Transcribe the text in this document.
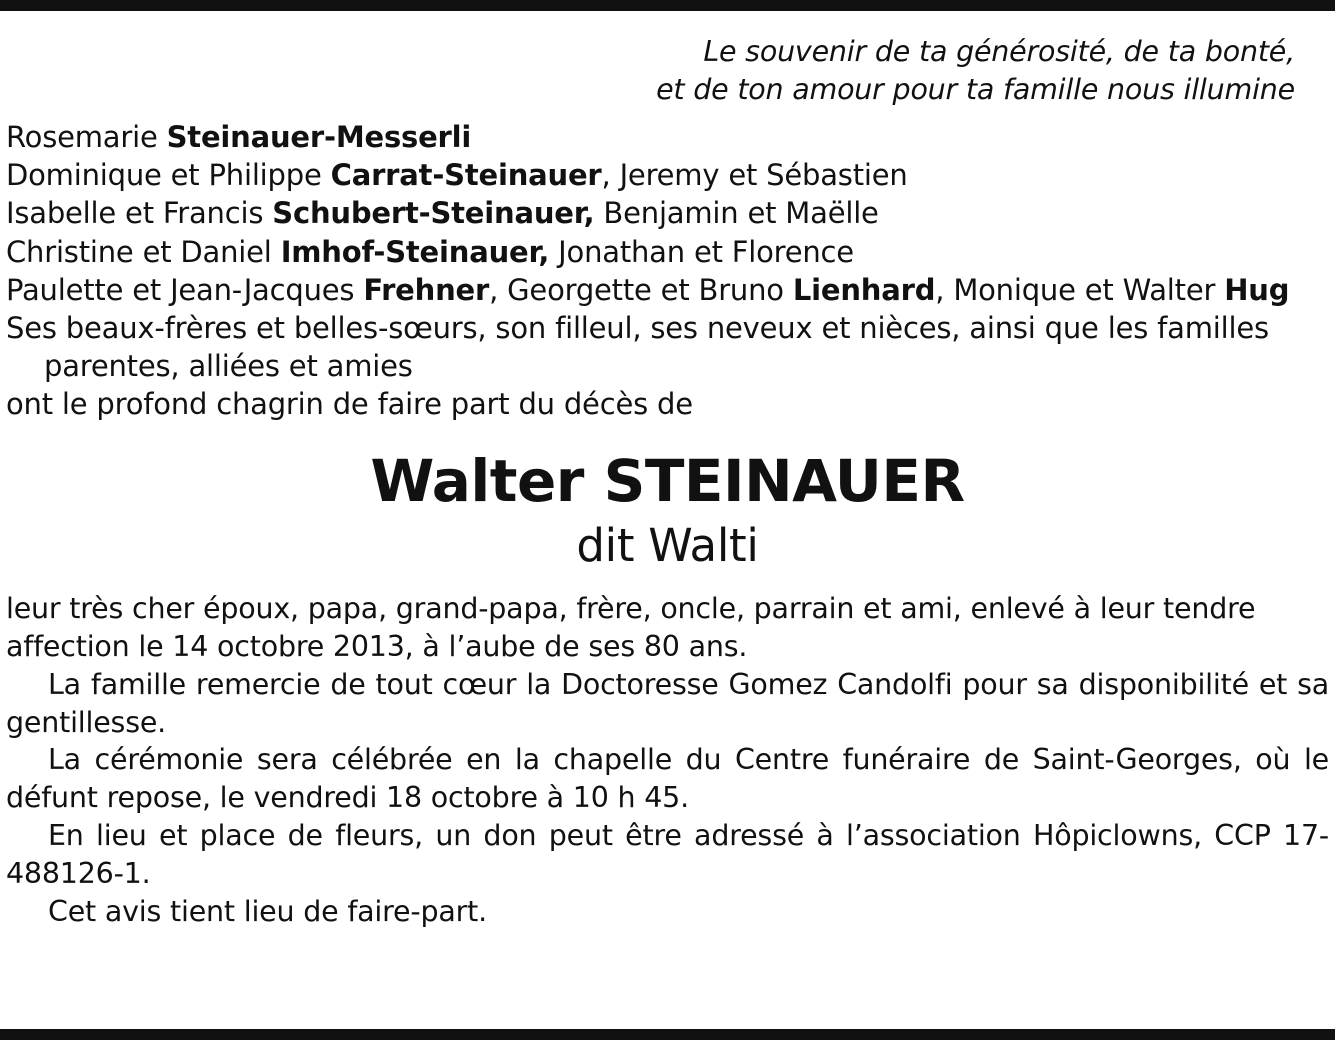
Le souvenir de ta générosité, de ta bonté,
et de ton amour pour ta famille nous illumine
Rosemarie Steinauer-Messerli
Dominique et Philippe Carrat-Steinauer, Jeremy et Sébastien
Isabelle et Francis Schubert-Steinauer, Benjamin et Maëlle
Christine et Daniel Imhof-Steinauer, Jonathan et Florence
Paulette et Jean-Jacques Frehner, Georgette et Bruno Lienhard, Monique et Walter Hug
Ses beaux-frères et belles-sœurs, son filleul, ses neveux et nièces, ainsi que les familles
parentes, alliées et amies
ont le profond chagrin de faire part du décès de
Walter STEINAUER
dit Walti

leur très cher époux, papa, grand-papa, frère, oncle, parrain et ami, enlevé à leur tendre affection le 14 octobre 2013, à l’aube de ses 80 ans.

La famille remercie de tout cœur la Doctoresse Gomez Candolfi pour sa disponibilité et sa gentillesse.

La cérémonie sera célébrée en la chapelle du Centre funéraire de Saint-Georges, où le défunt repose, le vendredi 18 octobre à 10 h 45.

En lieu et place de fleurs, un don peut être adressé à l’association Hôpiclowns, CCP 17-488126-1.

Cet avis tient lieu de faire-part.
